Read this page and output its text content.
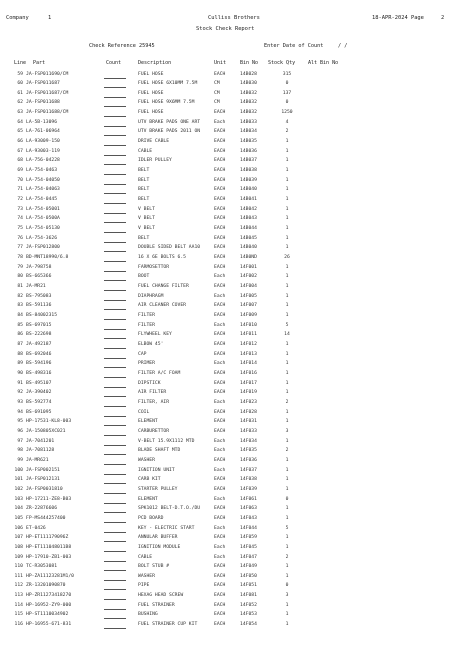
Company	1	Culliss Brothers	18-APR-2024 Page	2
Stock Check Report
Check Reference 25945	Enter Date of Count	/ /
Line Part	Count	Description	Unit	Bin No Stock Qty	Alt Bin No
59 JA-FSP011690/CM	FUEL HOSE	EACH	14B028	315
60 JA-FSP011687	FUEL HOSE 6X10MM 7.5M	CM	14B030	0
61 JA-FSP011687/CM	FUEL HOSE	CM	14B032	137
62 JA-FSP011688	FUEL HOSE 9X6MM 7.5M	CM	14B032	0
63 JA-FSP011688/CM	FUEL HOSE	EACH	14B032	1250
64 LA-5B-13096	UTV BRAKE PADS ONE ART	Each	14B033	4
65 LA-761-06964	UTV BRAKE PADS 2011 ON	EACH	14B034	2
66 LA-93009-150	DRIVE CABLE	EACH	14B035	1
67 LA-93003-119	CABLE	EACH	14B036	1
68 LA-756-04228	IDLER PULLEY	EACH	14B037	1
69 LA-754-0463	BELT	EACH	14B038	1
70 LA-754-04050	BELT	EACH	14B039	1
71 LA-754-04063	BELT	EACH	14B040	1
72 LA-754-0445	BELT	EACH	14B041	1
73 LA-754-05001	V BELT	EACH	14B042	1
74 LA-754-0500A	V BELT	EACH	14B043	1
75 LA-754-05130	V BELT	EACH	14B044	1
76 LA-754-3626	BELT	EACH	14B045	1
77 JA-FSP012800	DOUBLE SIDED BELT AA10	EACH	14B040	1
78 BD-MNT18990/6.8	16 X 6E BOLTS 6.5	EACH	14B0ND	26
79 JA-798758	FARMOSETTOR	EACH	14F001	1
80 BS-665366	BOOT	Each	14F002	1
81 JA-MR21	FUEL CHANGE FILTER	EACH	14F004	1
82 BS-795083	DIAPHRAGM	Each	14F005	1
83 BS-591136	AIR CLEANER COVER	EACH	14F007	1
84 BS-84002315	FILTER	EACH	14F009	1
85 BS-697015	FILTER	Each	14F010	5
86 BS-222698	FLYWHEEL KEY	EACH	14F011	14
87 JA-492187	ELBOW 45'	EACH	14F012	1
88 BS-692046	CAP	EACH	14F013	1
89 BS-594196	PRIMER	Each	14F014	1
90 BS-498316	FILTER A/C FOAM	EACH	14F016	1
91 BS-495107	DIPSTICK	EACH	14F017	1
92 JA-390402	AIR FILTER	EACH	14F019	1
93 BS-592774	FILTER, AIR	Each	14F023	2
94 BS-691095	COIL	EACH	14F028	1
95 HP-17531-KL8-003	ELEMENT	EACH	14F031	1
96 JA-150805XC021	CARBURETTOR	EACH	14F033	3
97 JA-7041201	V-BELT 15.9X1112 MTD	Each	14F034	1
98 JA-7081128	BLADE SHAFT MTD	Each	14F035	2
99 JA-MR621	WASHER	EACH	14F036	1
100 JA-FSP002151	IGNITION UNIT	Each	14F037	1
101 JA-FSP012131	CARB KIT	EACH	14F038	1
102 JA-FSP0031810	STARTER PULLEY	EACH	14F039	1
103 HP-17211-ZE8-B03	ELEMENT	Each	14F061	0
104 ZR-22876606	SPK1012 BELT-D.T.O./DU	EACH	14F063	1
105 FP-MS444257400	PCD BOARD	EACH	14F043	1
106 ET-0426	KEY - ELECTRIC START	Each	14F044	5
107 HP-ET111179096Z	ANNULAR BUFFER	EACH	14F059	1
108 HP-ET111048011B8	IGNITION MODULE	Each	14F045	1
109 HP-17910-ZB1-003	CABLE	Each	14F047	2
110 TC-R3053081	BOLT STUB #	EACH	14F049	1
111 HP-ZA11123281M1/0	WASHER	EACH	14F050	1
112 ZR-13201090870	PIPE	EACH	14F051	0
113 HP-ZR11273418270	HEXAG HEAD SCREW	EACH	14F081	3
114 HP-16952-ZY9-000	FUEL STRAINER	EACH	14F052	1
115 HP-ST1110034902	BUSHING	EACH	14F053	1
116 HP-16955-671-831	FUEL STRAINER CUP KIT	EACH	14F054	1
